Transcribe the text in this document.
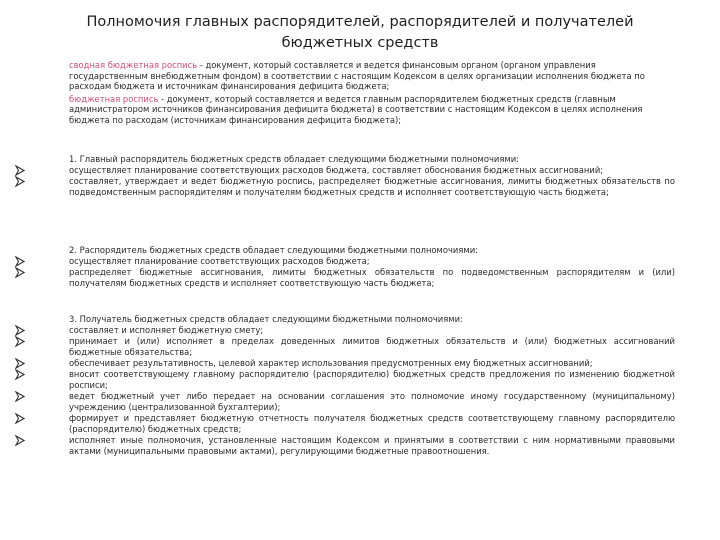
Полномочия главных распорядителей, распорядителей и получателей
бюджетных средств

сводная бюджетная роспись - документ, который составляется и ведется финансовым органом (органом управления государственным внебюджетным фондом) в соответствии с настоящим Кодексом в целях организации исполнения бюджета по расходам бюджета и источникам финансирования дефицита бюджета;

бюджетная роспись - документ, который составляется и ведется главным распорядителем бюджетных средств (главным администратором источников финансирования дефицита бюджета) в соответствии с настоящим Кодексом в целях исполнения бюджета по расходам (источникам финансирования дефицита бюджета);

1. Главный распорядитель бюджетных средств обладает следующими бюджетными полномочиями:

осуществляет планирование соответствующих расходов бюджета, составляет обоснования бюджетных ассигнований;
составляет, утверждает и ведет бюджетную роспись, распределяет бюджетные ассигнования, лимиты бюджетных обязательств по подведомственным распорядителям и получателям бюджетных средств и исполняет соответствующую часть бюджета;

2. Распорядитель бюджетных средств обладает следующими бюджетными полномочиями:

осуществляет планирование соответствующих расходов бюджета;
распределяет бюджетные ассигнования, лимиты бюджетных обязательств по подведомственным распорядителям и (или) получателям бюджетных средств и исполняет соответствующую часть бюджета;

3. Получатель бюджетных средств обладает следующими бюджетными полномочиями:

составляет и исполняет бюджетную смету;
принимает и (или) исполняет в пределах доведенных лимитов бюджетных обязательств и (или) бюджетных ассигнований бюджетные обязательства;
обеспечивает результативность, целевой характер использования предусмотренных ему бюджетных ассигнований;
вносит соответствующему главному распорядителю (распорядителю) бюджетных средств предложения по изменению бюджетной росписи;
ведет бюджетный учет либо передает на основании соглашения это полномочие иному государственному (муниципальному) учреждению (централизованной бухгалтерии);
формирует и представляет бюджетную отчетность получателя бюджетных средств соответствующему главному распорядителю (распорядителю) бюджетных средств;
исполняет иные полномочия, установленные настоящим Кодексом и принятыми в соответствии с ним нормативными правовыми актами (муниципальными правовыми актами), регулирующими бюджетные правоотношения.
